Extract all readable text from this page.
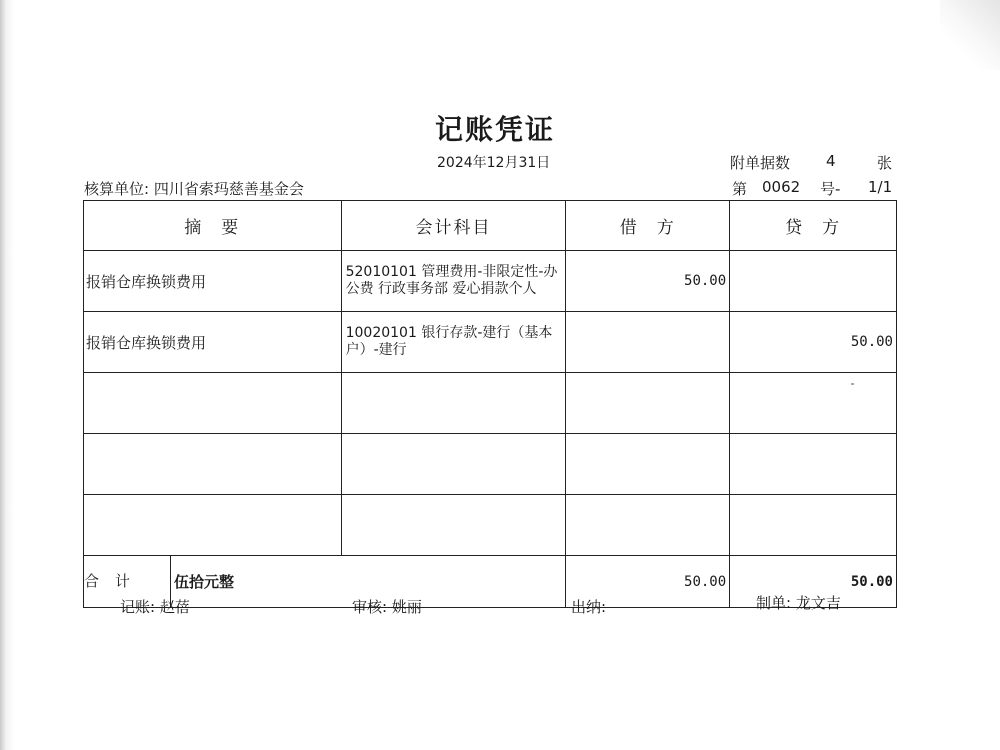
记账凭证
2024年12月31日	附单据数 4	张
核算单位: 四川省索玛慈善基金会	第 0062 号- 1/1
摘 要	会计科目	借 方	贷 方
报销仓库换锁费用	52010101 管理费用-非限定性-办公费 行政事务部 爱心捐款个人	50.00	
报销仓库换锁费用	10020101 银行存款-建行（基本户）-建行		50.00

合 计 伍拾元整		50.00	50.00
记账: 赵蓓	审核: 姚丽	出纳:	制单: 龙文吉
